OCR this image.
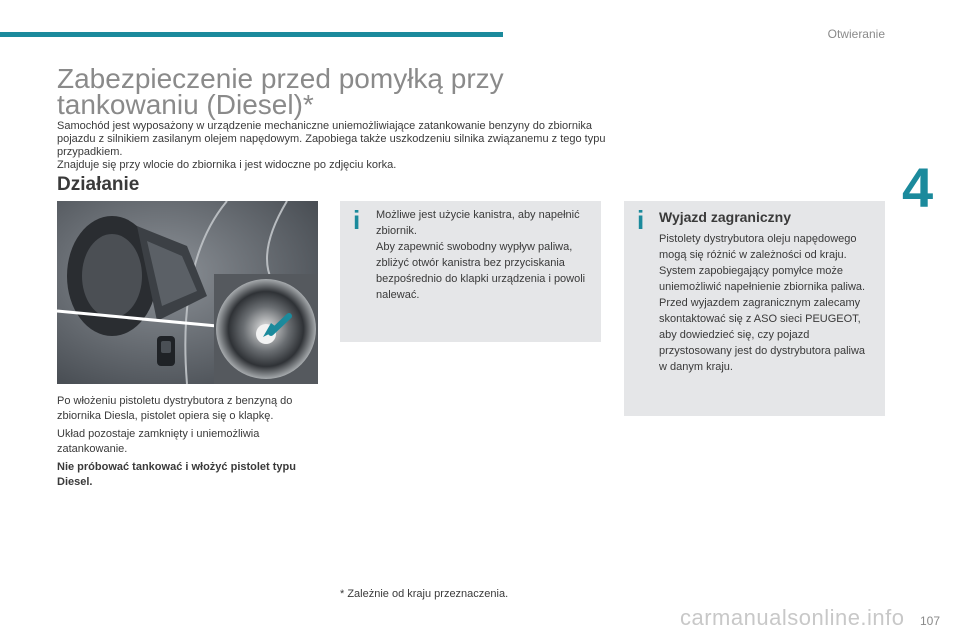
Otwieranie
4
Zabezpieczenie przed pomyłką przy tankowaniu (Diesel)*

Samochód jest wyposażony w urządzenie mechaniczne uniemożliwiające zatankowanie benzyny do zbiornika pojazdu z silnikiem zasilanym olejem napędowym. Zapobiega także uszkodzeniu silnika związanemu z tego typu przypadkiem.

Znajduje się przy wlocie do zbiornika i jest widoczne po zdjęciu korka.

Działanie

Po włożeniu pistoletu dystrybutora z benzyną do zbiornika Diesla, pistolet opiera się o klapkę.

Układ pozostaje zamknięty i uniemożliwia zatankowanie.

Nie próbować tankować i włożyć pistolet typu Diesel.

i Możliwe jest użycie kanistra, aby napełnić zbiornik.

Aby zapewnić swobodny wypływ paliwa, zbliżyć otwór kanistra bez przyciskania bezpośrednio do klapki urządzenia i powoli nalewać.

i Wyjazd zagraniczny

Pistolety dystrybutora oleju napędowego mogą się różnić w zależności od kraju. System zapobiegający pomyłce może uniemożliwić napełnienie zbiornika paliwa.

Przed wyjazdem zagranicznym zalecamy skontaktować się z ASO sieci PEUGEOT, aby dowiedzieć się, czy pojazd przystosowany jest do dystrybutora paliwa w danym kraju.

* Zależnie od kraju przeznaczenia.
carmanualsonline.info 107
